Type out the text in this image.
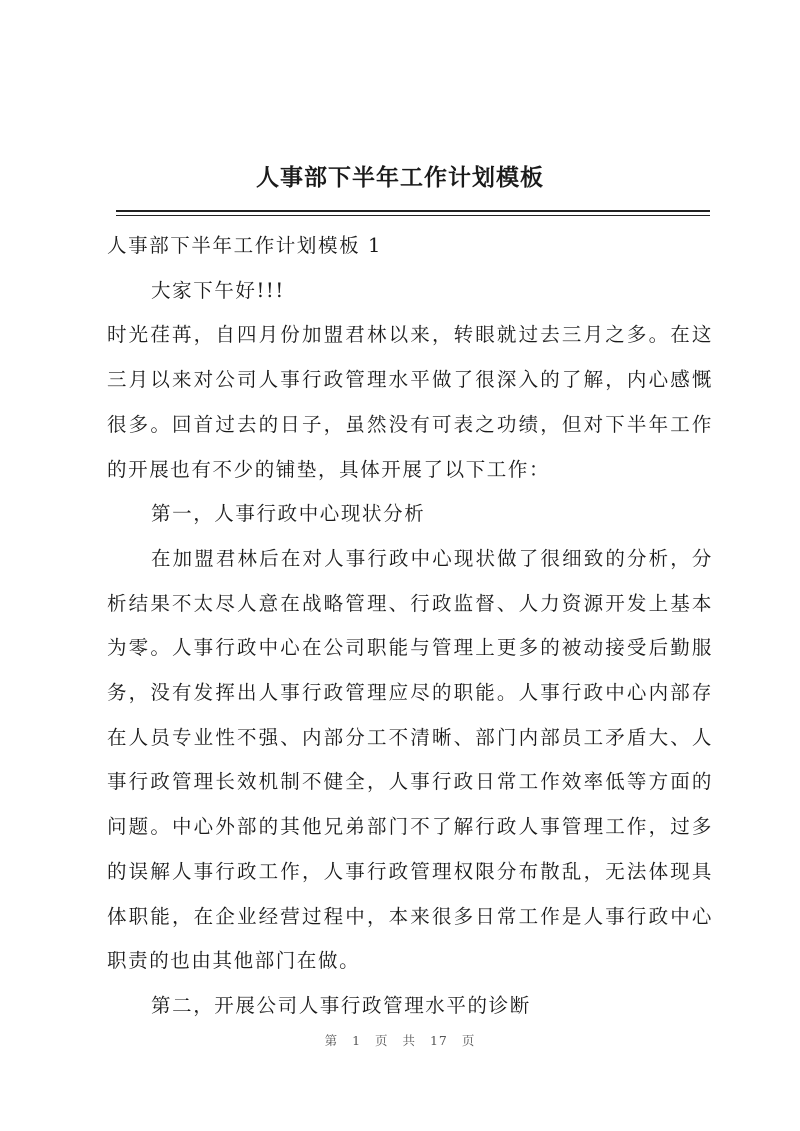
人事部下半年工作计划模板

人事部下半年工作计划模板 1

大家下午好!!!

时光荏苒，自四月份加盟君林以来，转眼就过去三月之多。在这三月以来对公司人事行政管理水平做了很深入的了解，内心感慨很多。回首过去的日子，虽然没有可表之功绩，但对下半年工作的开展也有不少的铺垫，具体开展了以下工作：

第一，人事行政中心现状分析

在加盟君林后在对人事行政中心现状做了很细致的分析，分析结果不太尽人意在战略管理、行政监督、人力资源开发上基本为零。人事行政中心在公司职能与管理上更多的被动接受后勤服务，没有发挥出人事行政管理应尽的职能。人事行政中心内部存在人员专业性不强、内部分工不清晰、部门内部员工矛盾大、人事行政管理长效机制不健全，人事行政日常工作效率低等方面的问题。中心外部的其他兄弟部门不了解行政人事管理工作，过多的误解人事行政工作，人事行政管理权限分布散乱，无法体现具体职能，在企业经营过程中，本来很多日常工作是人事行政中心职责的也由其他部门在做。

第二，开展公司人事行政管理水平的诊断

第 1 页 共 17 页
